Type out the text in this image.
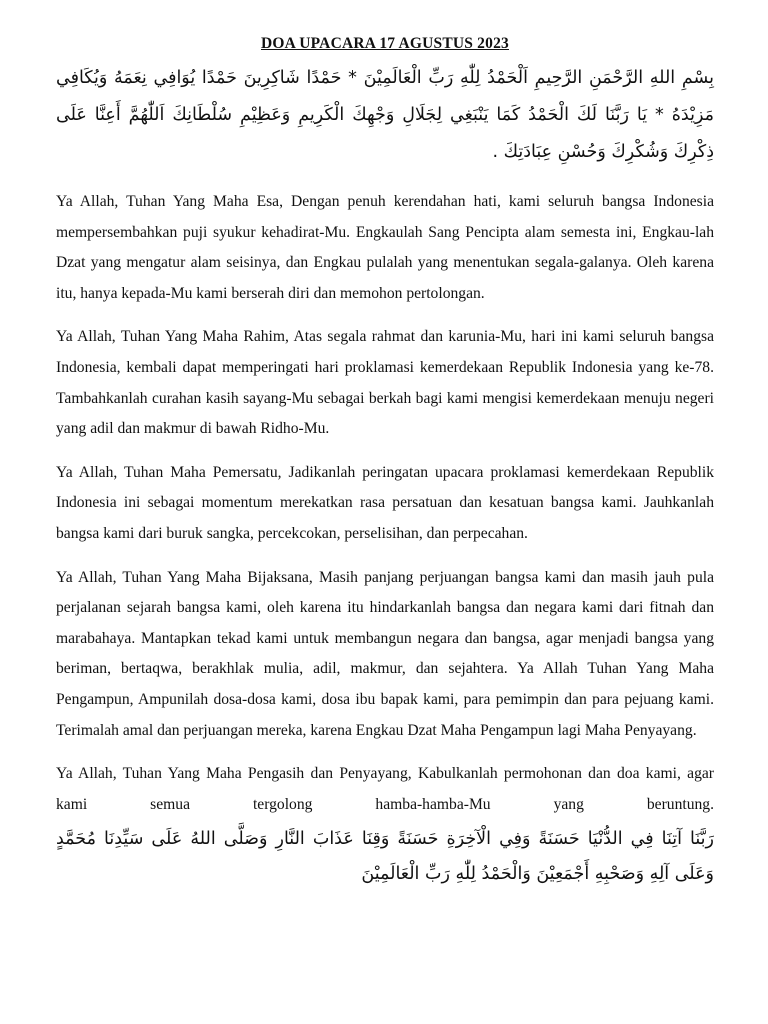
DOA UPACARA 17 AGUSTUS 2023
بِسْمِ اللهِ الرَّحْمَنِ الرَّحِيمِ اَلْحَمْدُ لِلّٰهِ رَبِّ الْعَالَمِيْنَ * حَمْدًا شَاكِرِينَ حَمْدًا يُوَافِي نِعَمَهُ وَيُكَافِي مَزِيْدَهُ * يَا رَبَّنَا لَكَ الْحَمْدُ كَمَا يَنْبَغِي لِجَلَالِ وَجْهِكَ الْكَرِيمِ وَعَظِيْمِ سُلْطَانِكَ اَللّٰهُمَّ أَعِنَّا عَلَى ذِكْرِكَ وَشُكْرِكَ وَحُسْنِ عِبَادَتِكَ .

Ya Allah, Tuhan Yang Maha Esa, Dengan penuh kerendahan hati, kami seluruh bangsa Indonesia mempersembahkan puji syukur kehadirat-Mu. Engkaulah Sang Pencipta alam semesta ini, Engkau-lah Dzat yang mengatur alam seisinya, dan Engkau pulalah yang menentukan segala-galanya. Oleh karena itu, hanya kepada-Mu kami berserah diri dan memohon pertolongan.

Ya Allah, Tuhan Yang Maha Rahim, Atas segala rahmat dan karunia-Mu, hari ini kami seluruh bangsa Indonesia, kembali dapat memperingati hari proklamasi kemerdekaan Republik Indonesia yang ke-78. Tambahkanlah curahan kasih sayang-Mu sebagai berkah bagi kami mengisi kemerdekaan menuju negeri yang adil dan makmur di bawah Ridho-Mu.

Ya Allah, Tuhan Maha Pemersatu, Jadikanlah peringatan upacara proklamasi kemerdekaan Republik Indonesia ini sebagai momentum merekatkan rasa persatuan dan kesatuan bangsa kami. Jauhkanlah bangsa kami dari buruk sangka, percekcokan, perselisihan, dan perpecahan.

Ya Allah, Tuhan Yang Maha Bijaksana, Masih panjang perjuangan bangsa kami dan masih jauh pula perjalanan sejarah bangsa kami, oleh karena itu hindarkanlah bangsa dan negara kami dari fitnah dan marabahaya. Mantapkan tekad kami untuk membangun negara dan bangsa, agar menjadi bangsa yang beriman, bertaqwa, berakhlak mulia, adil, makmur, dan sejahtera. Ya Allah Tuhan Yang Maha Pengampun, Ampunilah dosa-dosa kami, dosa ibu bapak kami, para pemimpin dan para pejuang kami. Terimalah amal dan perjuangan mereka, karena Engkau Dzat Maha Pengampun lagi Maha Penyayang.

Ya Allah, Tuhan Yang Maha Pengasih dan Penyayang, Kabulkanlah permohonan dan doa kami, agar kami semua tergolong hamba-hamba-Mu yang beruntung.
رَبَّنَا آتِنَا فِي الدُّنْيَا حَسَنَةً وَفِي الْآخِرَةِ حَسَنَةً وَقِنَا عَذَابَ النَّارِ وَصَلَّى اللهُ عَلَى سَيِّدِنَا مُحَمَّدٍ وَعَلَى آلِهِ وَصَحْبِهِ أَجْمَعِيْنَ وَالْحَمْدُ لِلّٰهِ رَبِّ الْعَالَمِيْنَ
